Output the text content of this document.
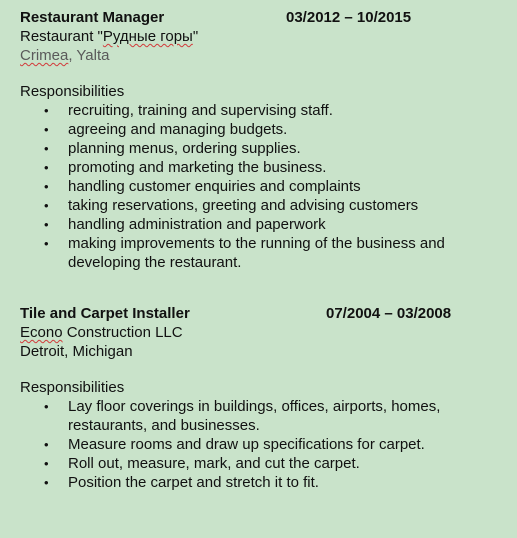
Restaurant Manager	03/2012 – 10/2015
Restaurant "Рудные горы"
Crimea, Yalta
Responsibilities
• recruiting, training and supervising staff.
• agreeing and managing budgets.
• planning menus, ordering supplies.
• promoting and marketing the business.
• handling customer enquiries and complaints
• taking reservations, greeting and advising customers
• handling administration and paperwork
• making improvements to the running of the business and developing the restaurant.
Tile and Carpet Installer	07/2004 – 03/2008
Econo Construction LLC
Detroit, Michigan
Responsibilities
• Lay floor coverings in buildings, offices, airports, homes, restaurants, and businesses.
• Measure rooms and draw up specifications for carpet.
• Roll out, measure, mark, and cut the carpet.
• Position the carpet and stretch it to fit.
